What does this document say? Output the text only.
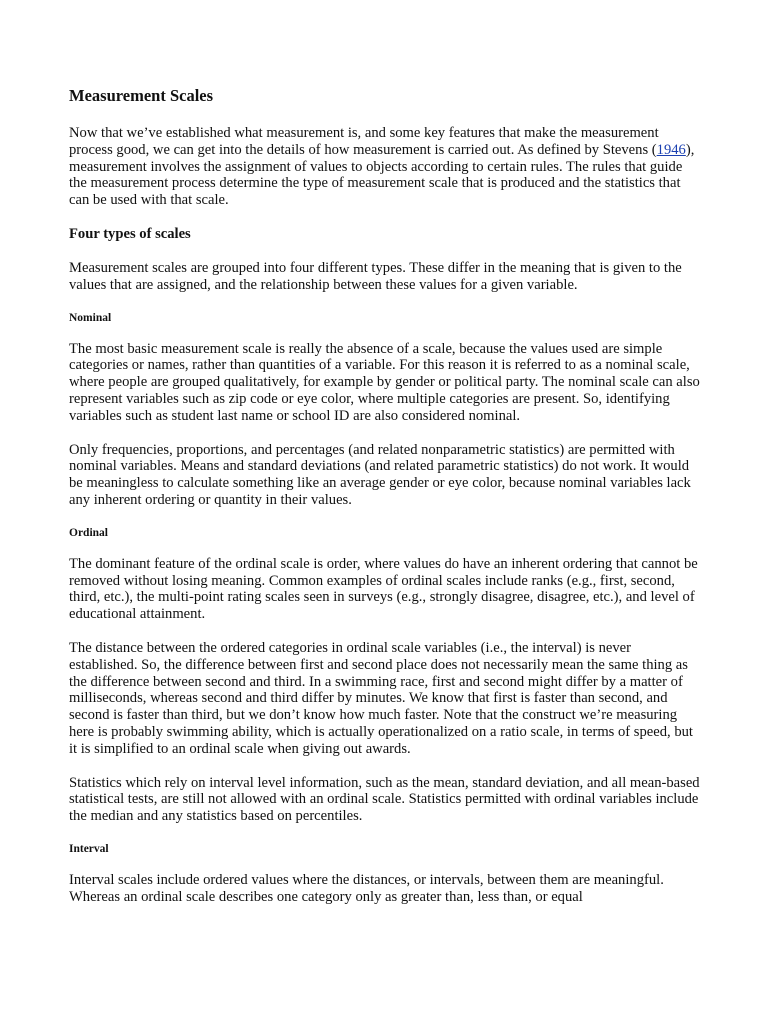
Measurement Scales

Now that we’ve established what measurement is, and some key features that make the measurement process good, we can get into the details of how measurement is carried out. As defined by Stevens (1946), measurement involves the assignment of values to objects according to certain rules. The rules that guide the measurement process determine the type of measurement scale that is produced and the statistics that can be used with that scale.

Four types of scales

Measurement scales are grouped into four different types. These differ in the meaning that is given to the values that are assigned, and the relationship between these values for a given variable.

Nominal

The most basic measurement scale is really the absence of a scale, because the values used are simple categories or names, rather than quantities of a variable. For this reason it is referred to as a nominal scale, where people are grouped qualitatively, for example by gender or political party. The nominal scale can also represent variables such as zip code or eye color, where multiple categories are present. So, identifying variables such as student last name or school ID are also considered nominal.

Only frequencies, proportions, and percentages (and related nonparametric statistics) are permitted with nominal variables. Means and standard deviations (and related parametric statistics) do not work. It would be meaningless to calculate something like an average gender or eye color, because nominal variables lack any inherent ordering or quantity in their values.

Ordinal

The dominant feature of the ordinal scale is order, where values do have an inherent ordering that cannot be removed without losing meaning. Common examples of ordinal scales include ranks (e.g., first, second, third, etc.), the multi-point rating scales seen in surveys (e.g., strongly disagree, disagree, etc.), and level of educational attainment.

The distance between the ordered categories in ordinal scale variables (i.e., the interval) is never established. So, the difference between first and second place does not necessarily mean the same thing as the difference between second and third. In a swimming race, first and second might differ by a matter of milliseconds, whereas second and third differ by minutes. We know that first is faster than second, and second is faster than third, but we don’t know how much faster. Note that the construct we’re measuring here is probably swimming ability, which is actually operationalized on a ratio scale, in terms of speed, but it is simplified to an ordinal scale when giving out awards.

Statistics which rely on interval level information, such as the mean, standard deviation, and all mean-based statistical tests, are still not allowed with an ordinal scale. Statistics permitted with ordinal variables include the median and any statistics based on percentiles.

Interval

Interval scales include ordered values where the distances, or intervals, between them are meaningful. Whereas an ordinal scale describes one category only as greater than, less than, or equal
